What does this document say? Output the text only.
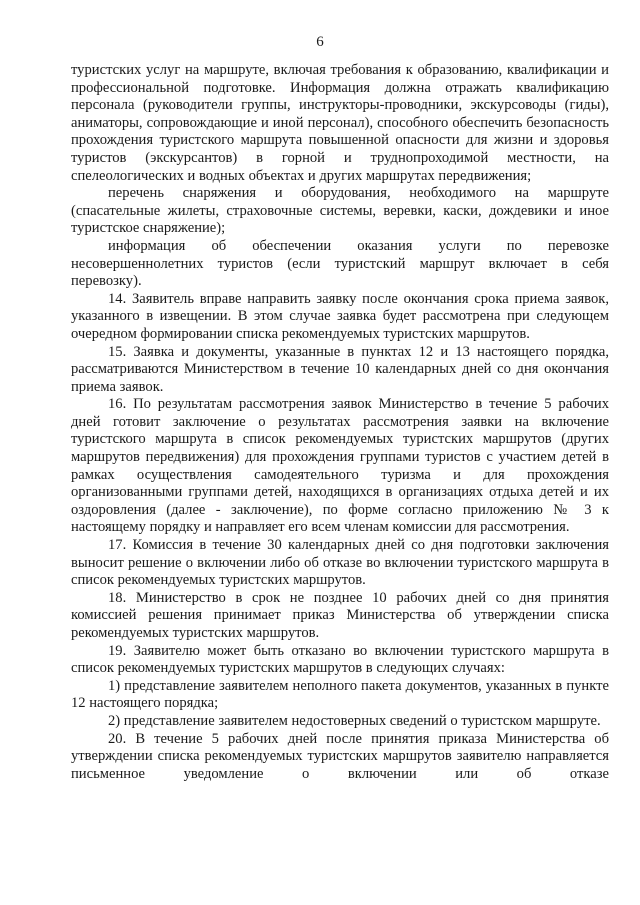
6

туристских услуг на маршруте, включая требования к образованию, квалификации и профессиональной подготовке. Информация должна отражать квалификацию персонала (руководители группы, инструкторы-проводники, экскурсоводы (гиды), аниматоры, сопровождающие и иной персонал), способного обеспечить безопасность прохождения туристского маршрута повышенной опасности для жизни и здоровья туристов (экскурсантов) в горной и труднопроходимой местности, на спелеологических и водных объектах и других маршрутах передвижения;

перечень снаряжения и оборудования, необходимого на маршруте (спасательные жилеты, страховочные системы, веревки, каски, дождевики и иное туристское снаряжение);

информация об обеспечении оказания услуги по перевозке несовершеннолетних туристов (если туристский маршрут включает в себя перевозку).

14. Заявитель вправе направить заявку после окончания срока приема заявок, указанного в извещении. В этом случае заявка будет рассмотрена при следующем очередном формировании списка рекомендуемых туристских маршрутов.

15. Заявка и документы, указанные в пунктах 12 и 13 настоящего порядка, рассматриваются Министерством в течение 10 календарных дней со дня окончания приема заявок.

16. По результатам рассмотрения заявок Министерство в течение 5 рабочих дней готовит заключение о результатах рассмотрения заявки на включение туристского маршрута в список рекомендуемых туристских маршрутов (других маршрутов передвижения) для прохождения группами туристов с участием детей в рамках осуществления самодеятельного туризма и для прохождения организованными группами детей, находящихся в организациях отдыха детей и их оздоровления (далее - заключение), по форме согласно приложению № 3 к настоящему порядку и направляет его всем членам комиссии для рассмотрения.

17. Комиссия в течение 30 календарных дней со дня подготовки заключения выносит решение о включении либо об отказе во включении туристского маршрута в список рекомендуемых туристских маршрутов.

18. Министерство в срок не позднее 10 рабочих дней со дня принятия комиссией решения принимает приказ Министерства об утверждении списка рекомендуемых туристских маршрутов.

19. Заявителю может быть отказано во включении туристского маршрута в список рекомендуемых туристских маршрутов в следующих случаях:

1) представление заявителем неполного пакета документов, указанных в пункте 12 настоящего порядка;

2) представление заявителем недостоверных сведений о туристском маршруте.

20. В течение 5 рабочих дней после принятия приказа Министерства об утверждении списка рекомендуемых туристских маршрутов заявителю направляется письменное уведомление о включении или об отказе
